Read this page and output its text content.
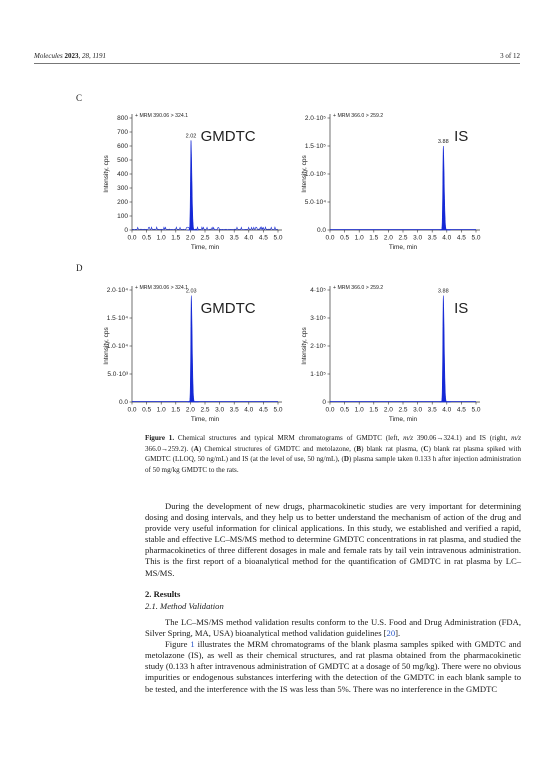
Molecules 2023, 28, 1191	3 of 12
C
D
0.0 0.5 1.0 1.5 2.0 2.5 3.0 3.5 4.0 4.5 5.0
0
100
200
300
400
500
600
700
800
Time, min
Intensity, cps
+ MRM 390.06 > 324.1
2.02 GMDTC
0.0 0.5 1.0 1.5 2.0 2.5 3.0 3.5 4.0 4.5 5.0
0.0
5.0·10⁴
1.0·10⁵
1.5·10⁵
2.0·10⁵
Time, min
Intensity, cps
+ MRM 366.0 > 259.2
3.88 IS
0.0 0.5 1.0 1.5 2.0 2.5 3.0 3.5 4.0 4.5 5.0
0.0
5.0·10³
1.0·10⁴
1.5·10⁴
2.0·10⁴
Time, min
Intensity, cps
+ MRM 390.06 > 324.1
2.03
GMDTC
0.0 0.5 1.0 1.5 2.0 2.5 3.0 3.5 4.0 4.5 5.0
0
1·10⁵
2·10⁵
3·10⁵
4·10⁵
Time, min
Intensity, cps
+ MRM 366.0 > 259.2
3.88
IS
Figure 1. Chemical structures and typical MRM chromatograms of GMDTC (left, m/z 390.06→324.1) and IS (right, m/z 366.0→259.2). (A) Chemical structures of GMDTC and metolazone, (B) blank rat plasma, (C) blank rat plasma spiked with GMDTC (LLOQ, 50 ng/mL) and IS (at the level of use, 50 ng/mL), (D) plasma sample taken 0.133 h after injection administration of 50 mg/kg GMDTC to the rats.

During the development of new drugs, pharmacokinetic studies are very important for determining dosing and dosing intervals, and they help us to better understand the mechanism of action of the drug and provide very useful information for clinical applications. In this study, we established and verified a rapid, stable and effective LC–MS/MS method to determine GMDTC concentrations in rat plasma, and studied the pharmacokinetics of three different dosages in male and female rats by tail vein intravenous administration. This is the first report of a bioanalytical method for the quantification of GMDTC in rat plasma by LC–MS/MS.

2. Results
2.1. Method Validation

The LC–MS/MS method validation results conform to the U.S. Food and Drug Administration (FDA, Silver Spring, MA, USA) bioanalytical method validation guidelines [20].

Figure 1 illustrates the MRM chromatograms of the blank plasma samples spiked with GMDTC and metolazone (IS), as well as their chemical structures, and rat plasma obtained from the pharmacokinetic study (0.133 h after intravenous administration of GMDTC at a dosage of 50 mg/kg). There were no obvious impurities or endogenous substances interfering with the detection of the GMDTC in each blank sample to be tested, and the interference with the IS was less than 5%. There was no interference in the GMDTC
